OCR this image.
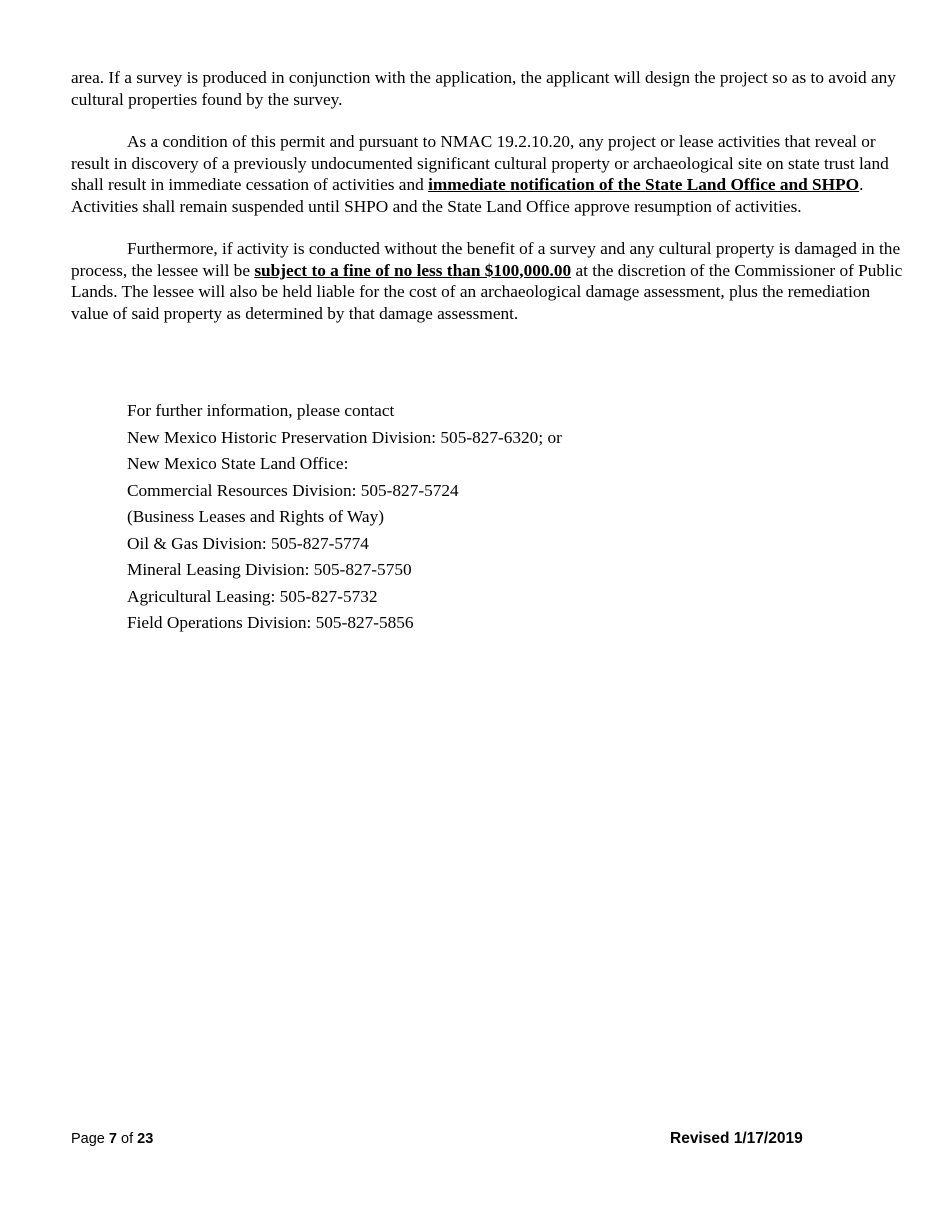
area. If a survey is produced in conjunction with the application, the applicant will design the project so as to avoid any cultural properties found by the survey.

As a condition of this permit and pursuant to NMAC 19.2.10.20, any project or lease activities that reveal or result in discovery of a previously undocumented significant cultural property or archaeological site on state trust land shall result in immediate cessation of activities and immediate notification of the State Land Office and SHPO. Activities shall remain suspended until SHPO and the State Land Office approve resumption of activities.

Furthermore, if activity is conducted without the benefit of a survey and any cultural property is damaged in the process, the lessee will be subject to a fine of no less than $100,000.00 at the discretion of the Commissioner of Public Lands. The lessee will also be held liable for the cost of an archaeological damage assessment, plus the remediation value of said property as determined by that damage assessment.

For further information, please contact
New Mexico Historic Preservation Division: 505-827-6320; or
New Mexico State Land Office:
Commercial Resources Division: 505-827-5724
(Business Leases and Rights of Way)
Oil & Gas Division: 505-827-5774
Mineral Leasing Division: 505-827-5750
Agricultural Leasing: 505-827-5732
Field Operations Division: 505-827-5856
Page 7 of 23	Revised 1/17/2019
